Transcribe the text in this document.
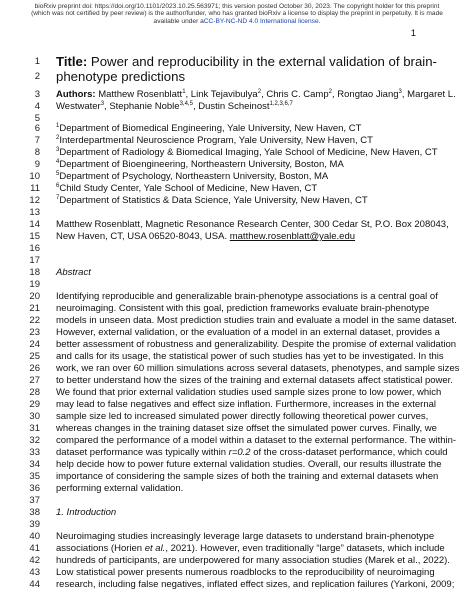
bioRxiv preprint doi: https://doi.org/10.1101/2023.10.25.563971; this version posted October 30, 2023. The copyright holder for this preprint
(which was not certified by peer review) is the author/funder, who has granted bioRxiv a license to display the preprint in perpetuity. It is made
available under aCC-BY-NC-ND 4.0 International license.
1
1 Title: Power and reproducibility in the external validation of brain-
2 phenotype predictions
3 Authors: Matthew Rosenblatt$^1$, Link Tejavibulya$^2$, Chris C. Camp$^2$, Rongtao Jiang$^3$, Margaret L.
4 Westwater$^3$, Stephanie Noble$^{3,4,5}$, Dustin Scheinost$^{1,2,3,6,7}$
5
6	$^1$Department of Biomedical Engineering, Yale University, New Haven, CT
7	$^2$Interdepartmental Neuroscience Program, Yale University, New Haven, CT
8	$^3$Department of Radiology & Biomedical Imaging, Yale School of Medicine, New Haven, CT
9	$^4$Department of Bioengineering, Northeastern University, Boston, MA
10	$^5$Department of Psychology, Northeastern University, Boston, MA
11	$^6$Child Study Center, Yale School of Medicine, New Haven, CT
12	$^7$Department of Statistics & Data Science, Yale University, New Haven, CT
13
14 Matthew Rosenblatt, Magnetic Resonance Research Center, 300 Cedar St, P.O. Box 208043,
15 New Haven, CT, USA 06520-8043, USA. matthew.rosenblatt@yale.edu
16
17
18 Abstract
19
20 Identifying reproducible and generalizable brain-phenotype associations is a central goal of
21 neuroimaging. Consistent with this goal, prediction frameworks evaluate brain-phenotype
22 models in unseen data. Most prediction studies train and evaluate a model in the same dataset.
23 However, external validation, or the evaluation of a model in an external dataset, provides a
24 better assessment of robustness and generalizability. Despite the promise of external validation
25 and calls for its usage, the statistical power of such studies has yet to be investigated. In this
26 work, we ran over 60 million simulations across several datasets, phenotypes, and sample sizes
27 to better understand how the sizes of the training and external datasets affect statistical power.
28 We found that prior external validation studies used sample sizes prone to low power, which
29 may lead to false negatives and effect size inflation. Furthermore, increases in the external
30 sample size led to increased simulated power directly following theoretical power curves,
31 whereas changes in the training dataset size offset the simulated power curves. Finally, we
32 compared the performance of a model within a dataset to the external performance. The within-
33 dataset performance was typically within r=0.2 of the cross-dataset performance, which could
34 help decide how to power future external validation studies. Overall, our results illustrate the
35 importance of considering the sample sizes of both the training and external datasets when
36 performing external validation.
37
38 1. Introduction
39
40 Neuroimaging studies increasingly leverage large datasets to understand brain-phenotype
41 associations (Horien et al., 2021). However, even traditionally “large” datasets, which include
42 hundreds of participants, are underpowered for many association studies (Marek et al., 2022).
43 Low statistical power presents numerous roadblocks to the reproducibility of neuroimaging
44 research, including false negatives, inflated effect sizes, and replication failures (Yarkoni, 2009;
